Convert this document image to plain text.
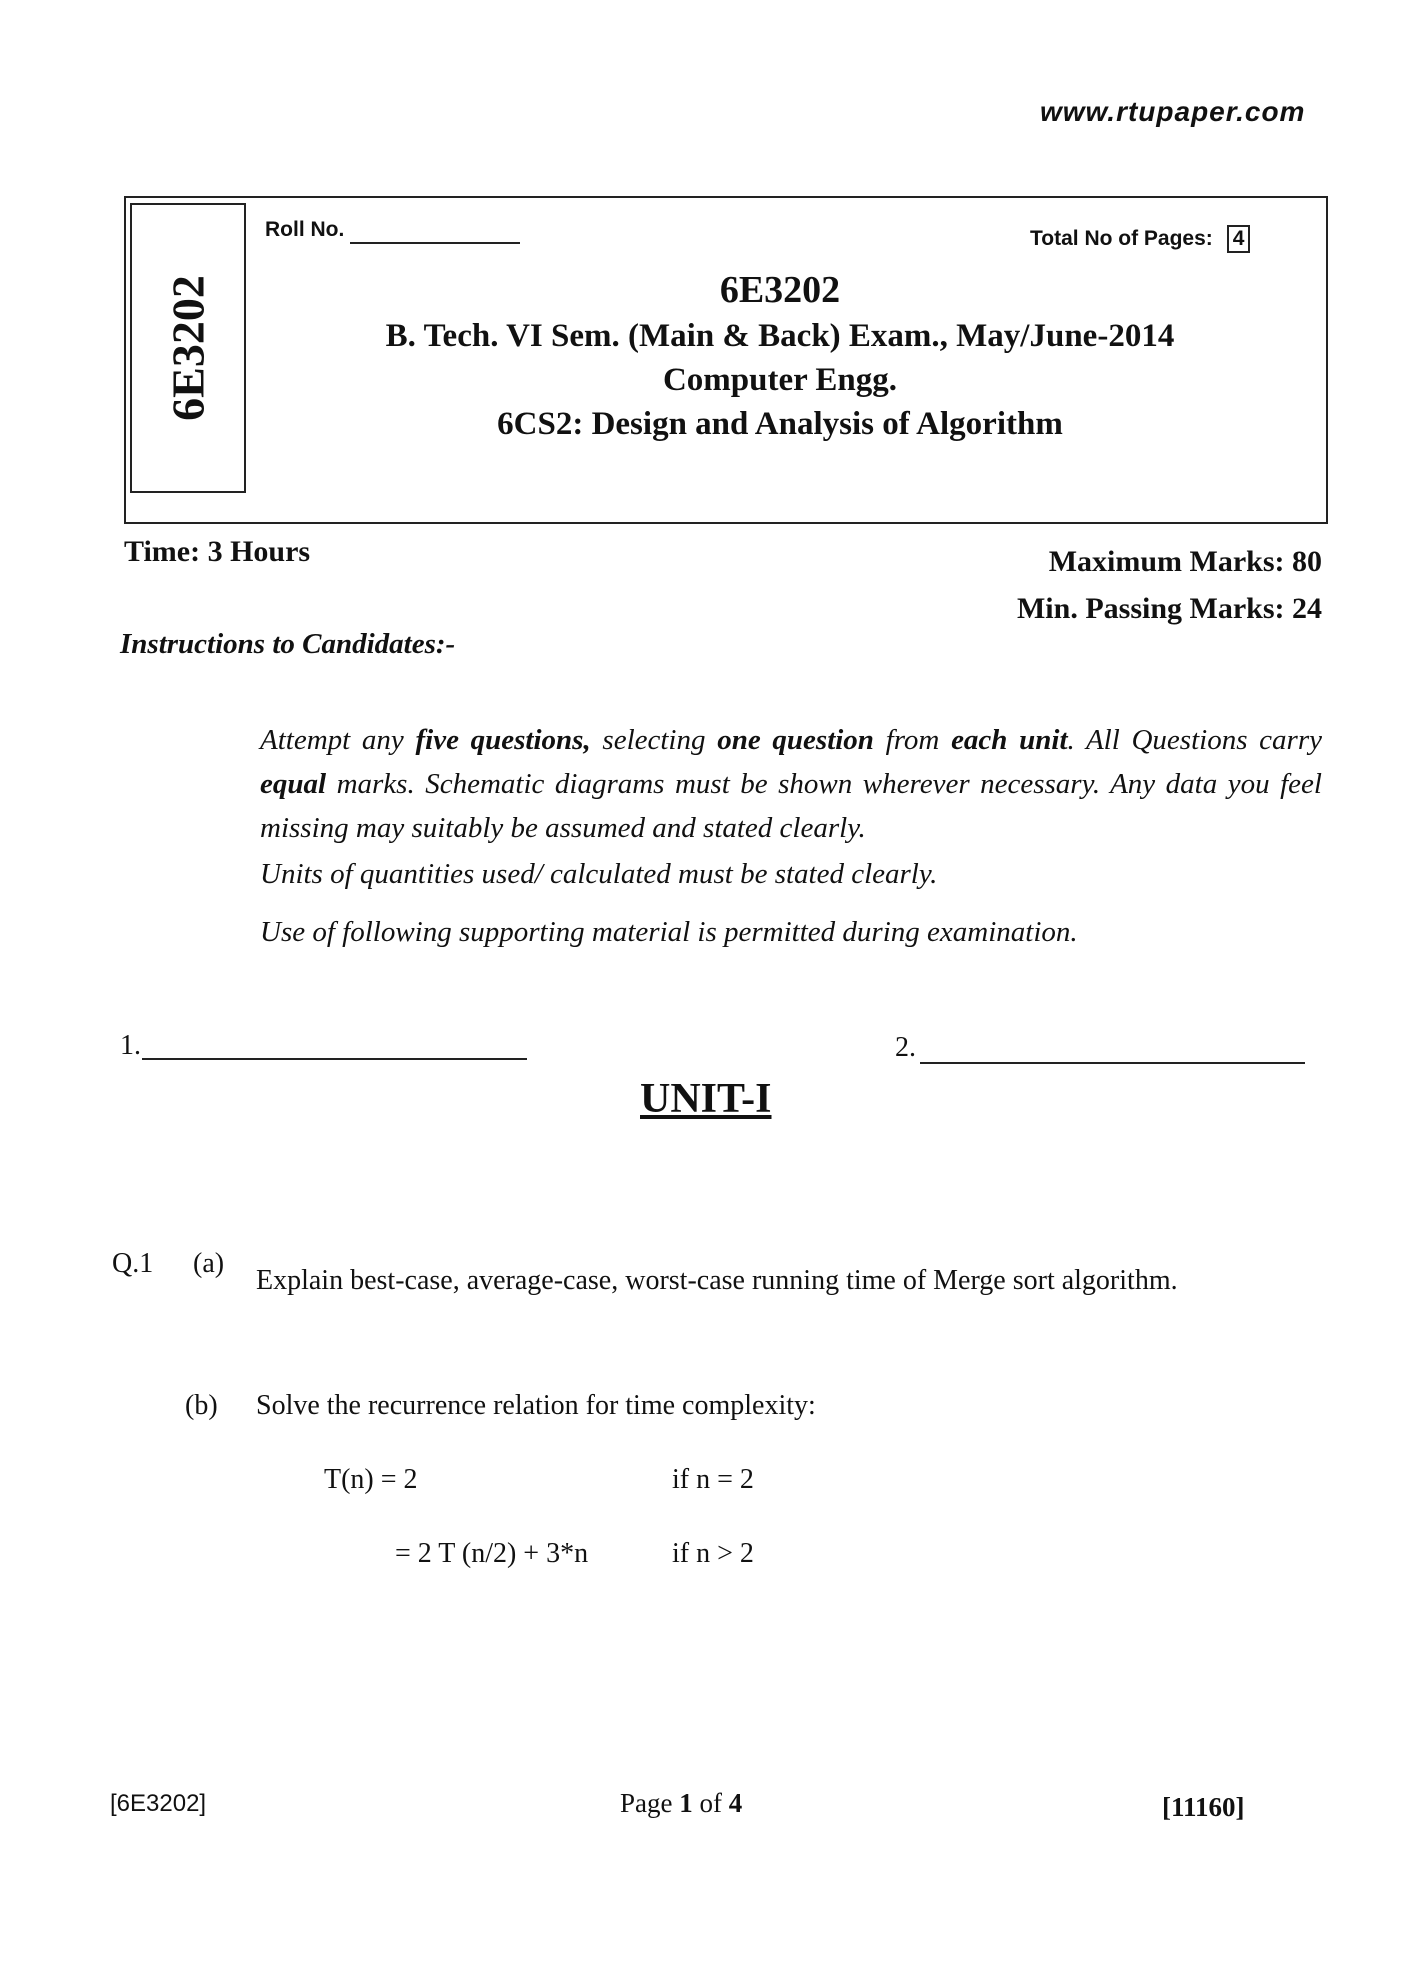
www.rtupaper.com
6E3202
Roll No.	Total No of Pages: 4
6E3202
B. Tech. VI Sem. (Main & Back) Exam., May/June-2014
Computer Engg.
6CS2: Design and Analysis of Algorithm
Time: 3 Hours	Maximum Marks: 80
Min. Passing Marks: 24
Instructions to Candidates:-

Attempt any five questions, selecting one question from each unit. All Questions carry equal marks. Schematic diagrams must be shown wherever necessary. Any data you feel missing may suitably be assumed and stated clearly.

Units of quantities used/ calculated must be stated clearly.

Use of following supporting material is permitted during examination.

1.	2.
UNIT-I
Q.1 (a)
Explain best-case, average-case, worst-case running time of Merge sort algorithm.
(b) Solve the recurrence relation for time complexity:
T(n) = 2	if n = 2
= 2 T (n/2) + 3*n	if n > 2
[6E3202]	Page 1 of 4	[11160]
